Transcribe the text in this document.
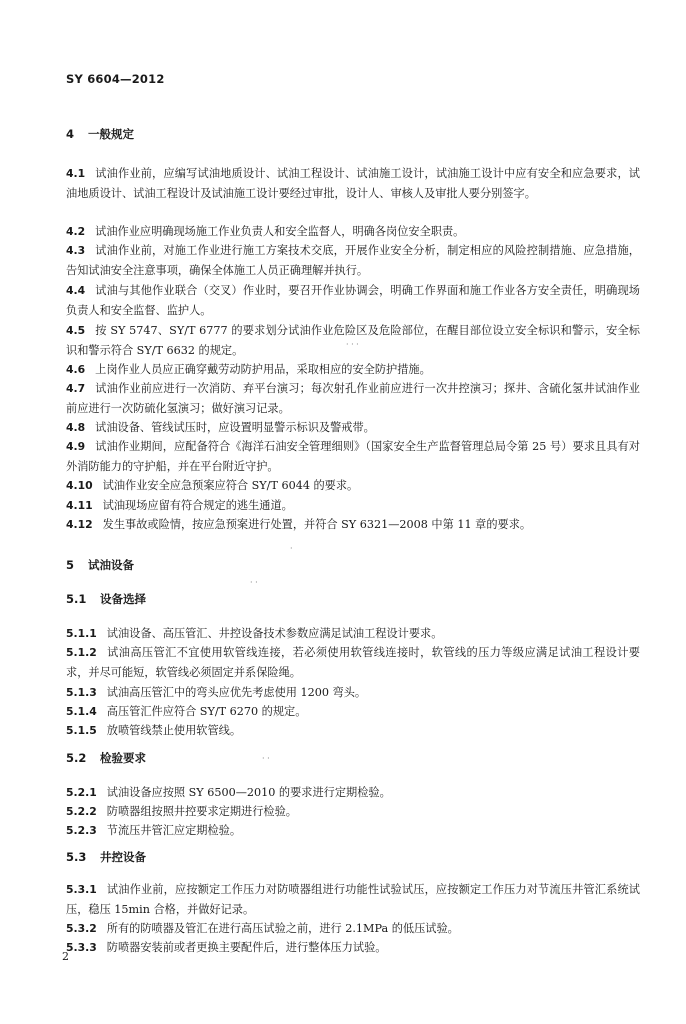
SY 6604—2012
4 一般规定
4.1 试油作业前，应编写试油地质设计、试油工程设计、试油施工设计，试油施工设计中应有安全和应急要求，试油地质设计、试油工程设计及试油施工设计要经过审批，设计人、审核人及审批人要分别签字。
4.2 试油作业应明确现场施工作业负责人和安全监督人，明确各岗位安全职责。
4.3 试油作业前，对施工作业进行施工方案技术交底，开展作业安全分析，制定相应的风险控制措施、应急措施，告知试油安全注意事项，确保全体施工人员正确理解并执行。
4.4 试油与其他作业联合（交叉）作业时，要召开作业协调会，明确工作界面和施工作业各方安全责任，明确现场负责人和安全监督、监护人。
4.5 按 SY 5747、SY/T 6777 的要求划分试油作业危险区及危险部位，在醒目部位设立安全标识和警示，安全标识和警示符合 SY/T 6632 的规定。
4.6 上岗作业人员应正确穿戴劳动防护用品，采取相应的安全防护措施。
4.7 试油作业前应进行一次消防、弃平台演习；每次射孔作业前应进行一次井控演习；探井、含硫化氢井试油作业前应进行一次防硫化氢演习；做好演习记录。
4.8 试油设备、管线试压时，应设置明显警示标识及警戒带。
4.9 试油作业期间，应配备符合《海洋石油安全管理细则》（国家安全生产监督管理总局令第 25 号）要求且具有对外消防能力的守护船，并在平台附近守护。
4.10 试油作业安全应急预案应符合 SY/T 6044 的要求。
4.11 试油现场应留有符合规定的逃生通道。
4.12 发生事故或险情，按应急预案进行处置，并符合 SY 6321—2008 中第 11 章的要求。
5 试油设备
5.1 设备选择
5.1.1 试油设备、高压管汇、井控设备技术参数应满足试油工程设计要求。
5.1.2 试油高压管汇不宜使用软管线连接，若必须使用软管线连接时，软管线的压力等级应满足试油工程设计要求，并尽可能短，软管线必须固定并系保险绳。
5.1.3 试油高压管汇中的弯头应优先考虑使用 1200 弯头。
5.1.4 高压管汇件应符合 SY/T 6270 的规定。
5.1.5 放喷管线禁止使用软管线。
5.2 检验要求
5.2.1 试油设备应按照 SY 6500—2010 的要求进行定期检验。
5.2.2 防喷器组按照井控要求定期进行检验。
5.2.3 节流压井管汇应定期检验。
5.3 井控设备
5.3.1 试油作业前，应按额定工作压力对防喷器组进行功能性试验试压，应按额定工作压力对节流压井管汇系统试压，稳压 15min 合格，并做好记录。
5.3.2 所有的防喷器及管汇在进行高压试验之前，进行 2.1MPa 的低压试验。
5.3.3 防喷器安装前或者更换主要配件后，进行整体压力试验。
2
· · ·
· ·
· ·
·
